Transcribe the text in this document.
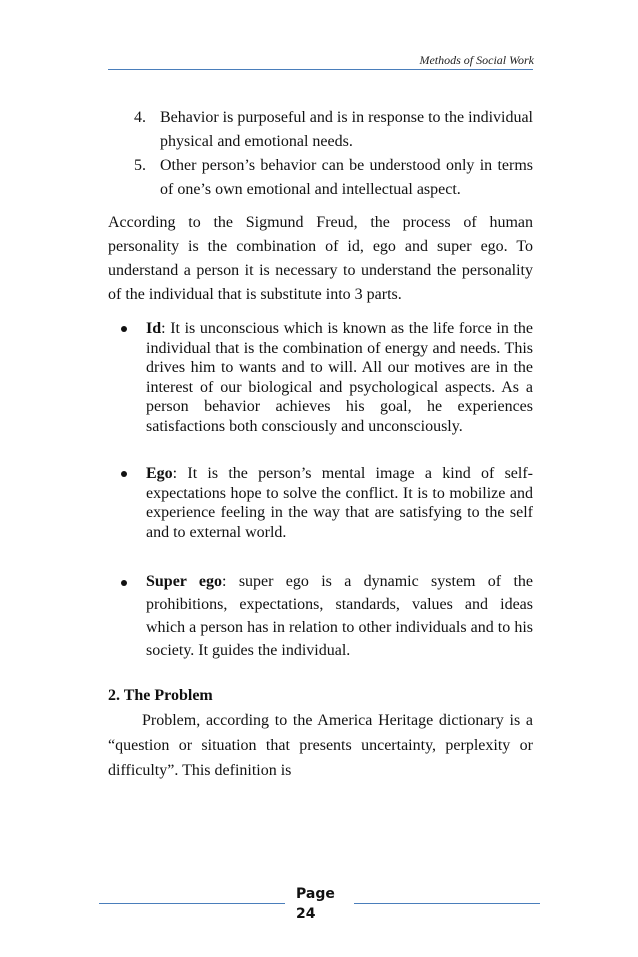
Methods of Social Work
4. Behavior is purposeful and is in response to the individual physical and emotional needs.
5. Other person’s behavior can be understood only in terms of one’s own emotional and intellectual aspect.

According to the Sigmund Freud, the process of human personality is the combination of id, ego and super ego. To understand a person it is necessary to understand the personality of the individual that is substitute into 3 parts.

Id: It is unconscious which is known as the life force in the individual that is the combination of energy and needs. This drives him to wants and to will. All our motives are in the interest of our biological and psychological aspects. As a person behavior achieves his goal, he experiences satisfactions both consciously and unconsciously.
Ego: It is the person’s mental image a kind of self-expectations hope to solve the conflict. It is to mobilize and experience feeling in the way that are satisfying to the self and to external world.
Super ego: super ego is a dynamic system of the prohibitions, expectations, standards, values and ideas which a person has in relation to other individuals and to his society. It guides the individual.
2. The Problem
Problem, according to the America Heritage dictionary is a “question or situation that presents uncertainty, perplexity or difficulty”. This definition is
Page
24
